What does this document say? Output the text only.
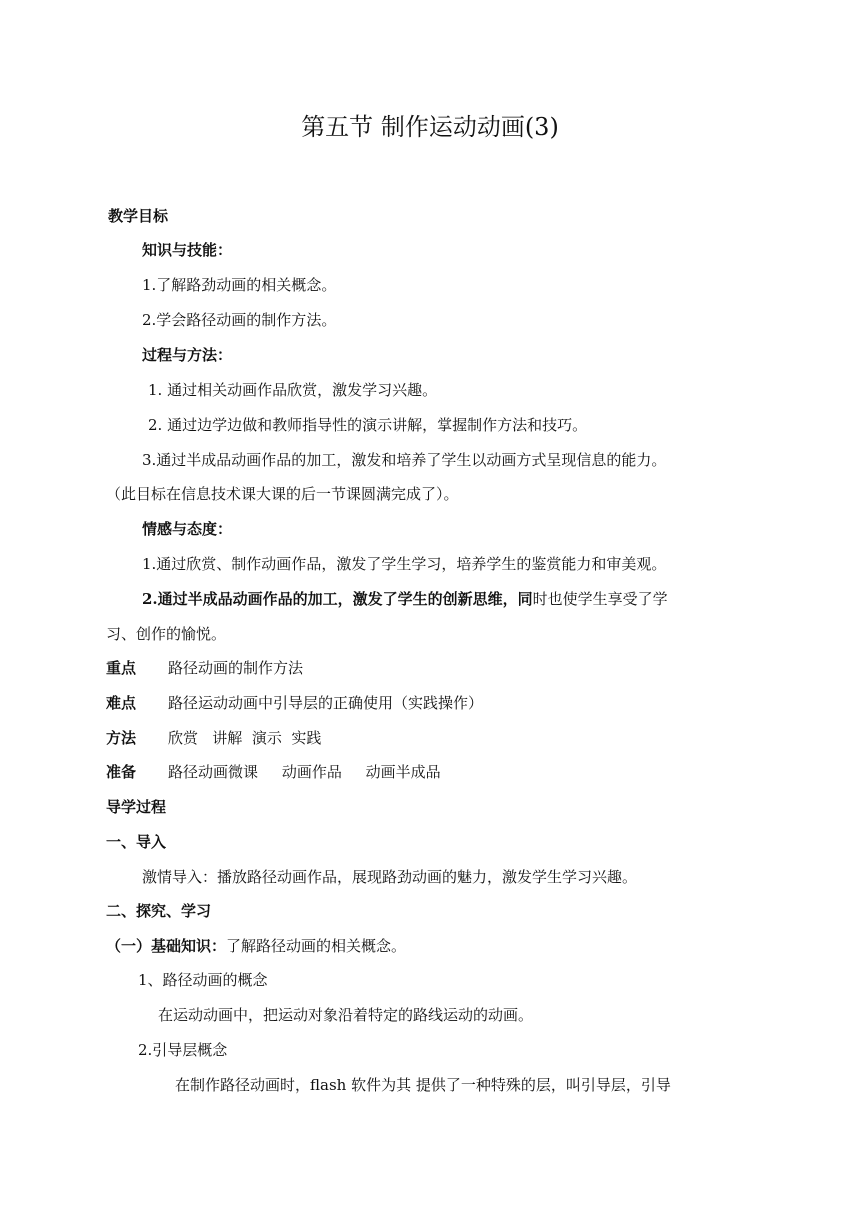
第五节 制作运动动画(3)
教学目标
知识与技能：
1.了解路劲动画的相关概念。
2.学会路径动画的制作方法。
过程与方法：
1. 通过相关动画作品欣赏，激发学习兴趣。
2. 通过边学边做和教师指导性的演示讲解，掌握制作方法和技巧。
3.通过半成品动画作品的加工，激发和培养了学生以动画方式呈现信息的能力。
（此目标在信息技术课大课的后一节课圆满完成了）。
情感与态度：
1.通过欣赏、制作动画作品，激发了学生学习，培养学生的鉴赏能力和审美观。
2.通过半成品动画作品的加工，激发了学生的创新思维，同时也使学生享受了学
习、创作的愉悦。
重点 路径动画的制作方法
难点 路径运动动画中引导层的正确使用（实践操作）
方法 欣赏   讲解  演示  实践
准备 路径动画微课     动画作品     动画半成品
导学过程
一、导入
激情导入：播放路径动画作品，展现路劲动画的魅力，激发学生学习兴趣。
二、探究、学习
（一）基础知识：了解路径动画的相关概念。
1、路径动画的概念
在运动动画中，把运动对象沿着特定的路线运动的动画。
2.引导层概念
在制作路径动画时，flash 软件为其 提供了一种特殊的层，叫引导层，引导
